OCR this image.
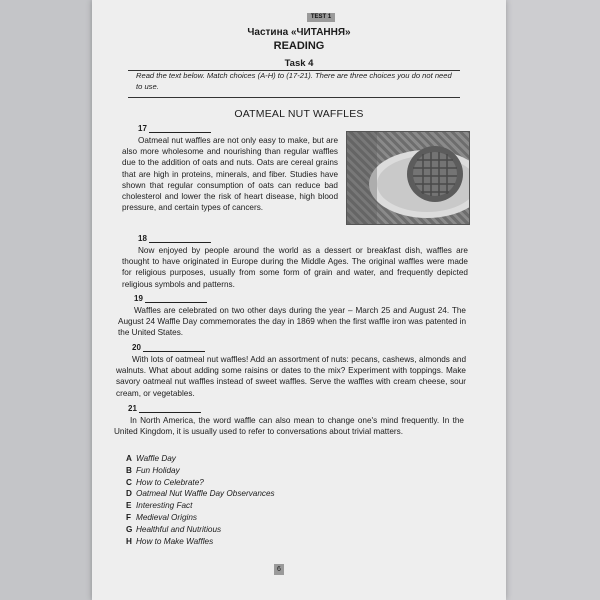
TEST 1
Частина «ЧИТАННЯ»
READING
Task 4
Read the text below. Match choices (A-H) to (17-21). There are three choices you do not need to use.
OATMEAL NUT WAFFLES
17
Oatmeal nut waffles are not only easy to make, but are also more wholesome and nourishing than regular waffles due to the addition of oats and nuts. Oats are cereal grains that are high in proteins, minerals, and fiber. Studies have shown that regular consumption of oats can reduce bad cholesterol and lower the risk of heart disease, high blood pressure, and certain types of cancers.
18
Now enjoyed by people around the world as a dessert or breakfast dish, waffles are thought to have originated in Europe during the Middle Ages. The original waffles were made for religious purposes, usually from some form of grain and water, and frequently depicted religious symbols and patterns.
19
Waffles are celebrated on two other days during the year – March 25 and August 24. The August 24 Waffle Day commemorates the day in 1869 when the first waffle iron was patented in the United States.
20
With lots of oatmeal nut waffles! Add an assortment of nuts: pecans, cashews, almonds and walnuts. What about adding some raisins or dates to the mix? Experiment with toppings. Make savory oatmeal nut waffles instead of sweet waffles. Serve the waffles with cream cheese, sour cream, or vegetables.
21
In North America, the word waffle can also mean to change one's mind frequently. In the United Kingdom, it is usually used to refer to conversations about trivial matters.
A Waffle Day
B Fun Holiday
C How to Celebrate?
D Oatmeal Nut Waffle Day Observances
E Interesting Fact
F Medieval Origins
G Healthful and Nutritious
H How to Make Waffles
6
